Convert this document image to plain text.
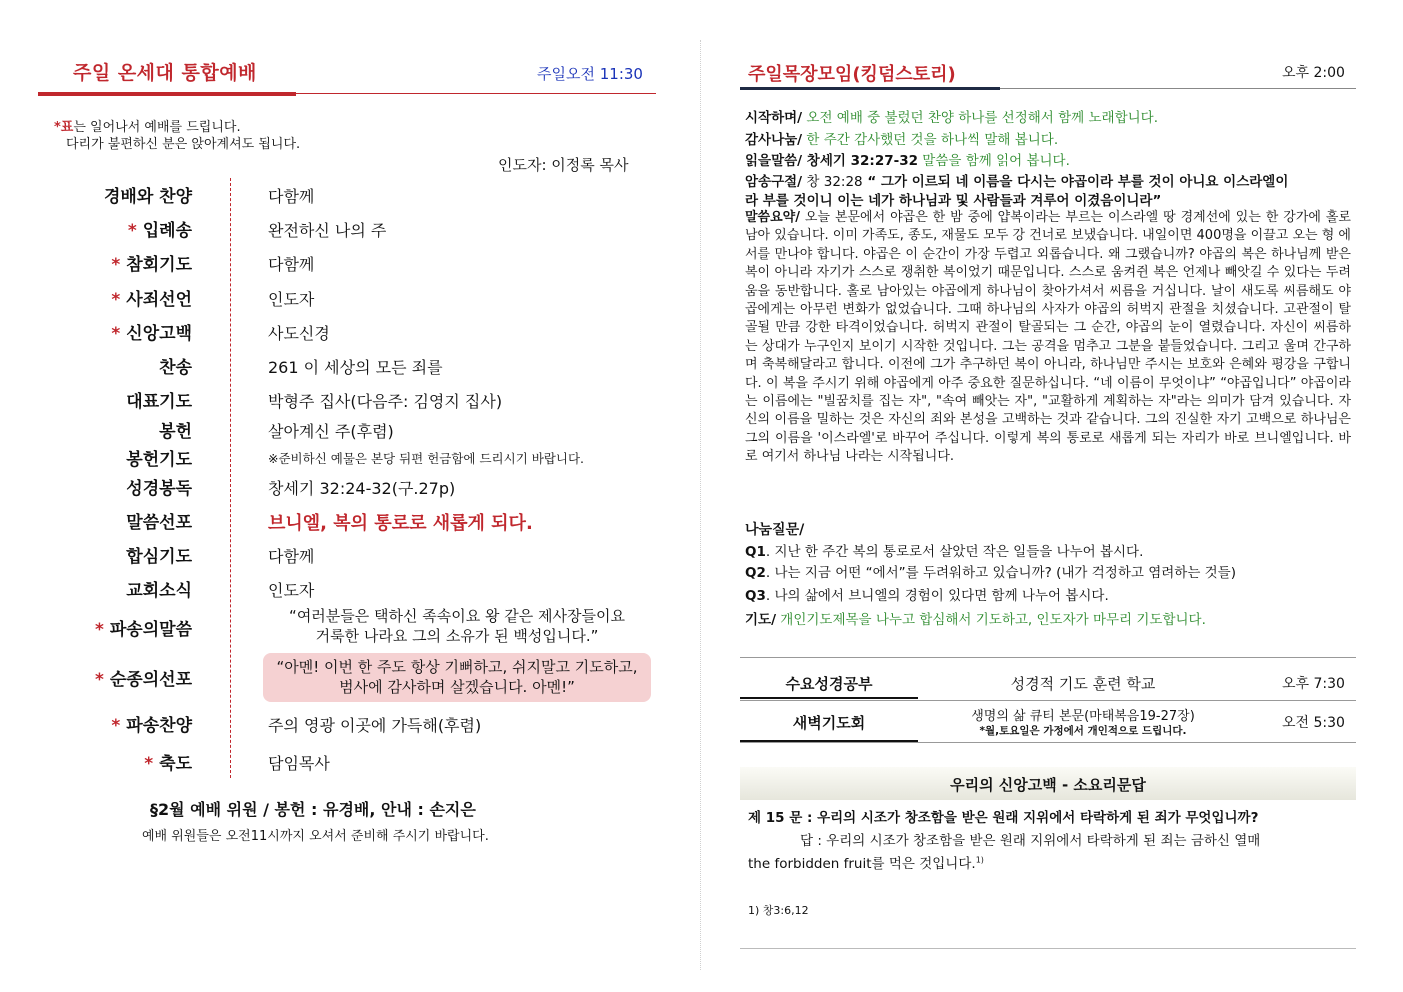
주일 온세대 통합예배	주일오전 11:30
*표는 일어나서 예배를 드립니다.
다리가 불편하신 분은 앉아계셔도 됩니다.
인도자: 이정록 목사
경배와 찬양	다함께
* 입례송	완전하신 나의 주
* 참회기도	다함께
* 사죄선언	인도자
* 신앙고백	사도신경
찬송	261 이 세상의 모든 죄를
대표기도	박형주 집사(다음주: 김영지 집사)
봉헌	살아계신 주(후렴)
봉헌기도	※준비하신 예물은 본당 뒤편 헌금함에 드리시기 바랍니다.
성경봉독	창세기 32:24-32(구.27p)
말씀선포	브니엘, 복의 통로로 새롭게 되다.
합심기도	다함께
교회소식	인도자
* 파송의말씀
“여러분들은 택하신 족속이요 왕 같은 제사장들이요
거룩한 나라요 그의 소유가 된 백성입니다.”
* 순종의선포
“아멘! 이번 한 주도 항상 기뻐하고, 쉬지말고 기도하고,
범사에 감사하며 살겠습니다. 아멘!”
* 파송찬양	주의 영광 이곳에 가득해(후렴)
* 축도	담임목사
§2월 예배 위원 / 봉헌 : 유경배, 안내 : 손지은
예배 위원들은 오전11시까지 오셔서 준비해 주시기 바랍니다.
주일목장모임(킹덤스토리)	오후 2:00
시작하며/ 오전 예배 중 불렀던 찬양 하나를 선정해서 함께 노래합니다.
감사나눔/ 한 주간 감사했던 것을 하나씩 말해 봅니다.
읽을말씀/ 창세기 32:27-32 말씀을 함께 읽어 봅니다.
암송구절/ 창 32:28 “ 그가 이르되 네 이름을 다시는 야곱이라 부를 것이 아니요 이스라엘이
라 부를 것이니 이는 네가 하나님과 및 사람들과 겨루어 이겼음이니라”
말씀요약/ 오늘 본문에서 야곱은 한 밤 중에 얍복이라는 부르는 이스라엘 땅 경계선에 있는 한 강가에 홀로 남아 있습니다. 이미 가족도, 종도, 재물도 모두 강 건너로 보냈습니다. 내일이면 400명을 이끌고 오는 형 에서를 만나야 합니다. 야곱은 이 순간이 가장 두렵고 외롭습니다. 왜 그랬습니까? 야곱의 복은 하나님께 받은 복이 아니라 자기가 스스로 쟁취한 복이었기 때문입니다. 스스로 움켜쥔 복은 언제나 빼앗길 수 있다는 두려움을 동반합니다. 홀로 남아있는 야곱에게 하나님이 찾아가셔서 씨름을 거십니다. 날이 새도록 씨름해도 야곱에게는 아무런 변화가 없었습니다. 그때 하나님의 사자가 야곱의 허벅지 관절을 치셨습니다. 고관절이 탈골될 만큼 강한 타격이었습니다. 허벅지 관절이 탈골되는 그 순간, 야곱의 눈이 열렸습니다. 자신이 씨름하는 상대가 누구인지 보이기 시작한 것입니다. 그는 공격을 멈추고 그분을 붙들었습니다. 그리고 울며 간구하며 축복해달라고 합니다. 이전에 그가 추구하던 복이 아니라, 하나님만 주시는 보호와 은혜와 평강을 구합니다. 이 복을 주시기 위해 야곱에게 아주 중요한 질문하십니다. “네 이름이 무엇이냐” “야곱입니다” 야곱이라는 이름에는 "빌꿈치를 집는 자", "속여 빼앗는 자", "교활하게 계획하는 자"라는 의미가 담겨 있습니다. 자신의 이름을 밀하는 것은 자신의 죄와 본성을 고백하는 것과 같습니다. 그의 진실한 자기 고백으로 하나님은 그의 이름을 '이스라엘'로 바꾸어 주십니다. 이렇게 복의 통로로 새롭게 되는 자리가 바로 브니엘입니다. 바로 여기서 하나님 나라는 시작됩니다.
나눔질문/
Q1. 지난 한 주간 복의 통로로서 살았던 작은 일들을 나누어 봅시다.
Q2. 나는 지금 어떤 “에서”를 두려워하고 있습니까? (내가 걱정하고 염려하는 것들)
Q3. 나의 삶에서 브니엘의 경험이 있다면 함께 나누어 봅시다.
기도/ 개인기도제목을 나누고 합심해서 기도하고, 인도자가 마무리 기도합니다.
수요성경공부	성경적 기도 훈련 학교	오후 7:30
새벽기도회	생명의 삶 큐티 본문(마태복음19-27장)
*월,토요일은 가정에서 개인적으로 드립니다.	오전 5:30
우리의 신앙고백 - 소요리문답
제 15 문 : 우리의 시조가 창조함을 받은 원래 지위에서 타락하게 된 죄가 무엇입니까?
답 : 우리의 시조가 창조함을 받은 원래 지위에서 타락하게 된 죄는 금하신 열매
the forbidden fruit를 먹은 것입니다.$^{1)}$
1) 창3:6,12
